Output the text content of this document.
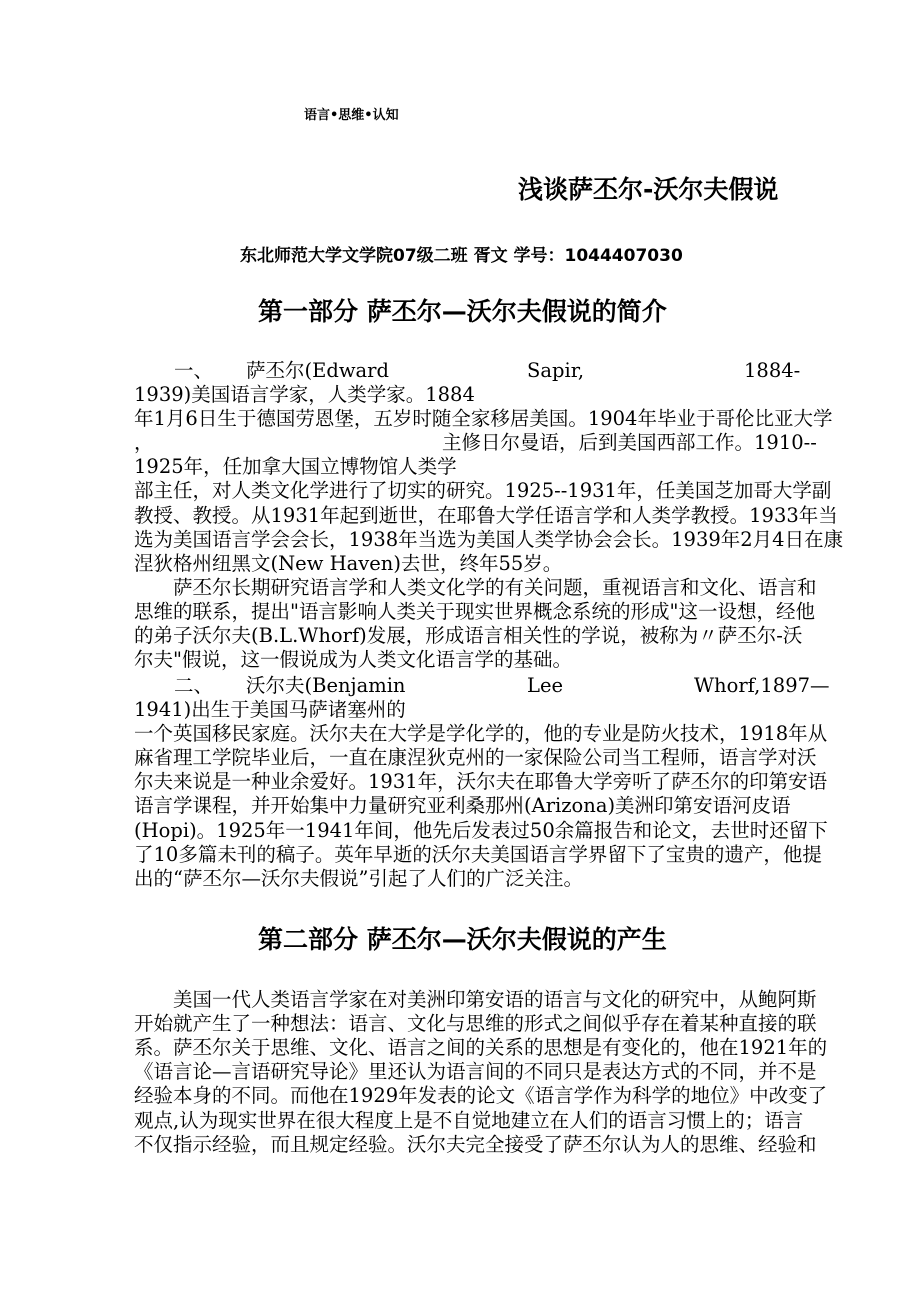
语言•思维•认知
浅谈萨丕尔-沃尔夫假说
东北师范大学文学院07级二班 胥文 学号：1044407030
第一部分 萨丕尔—沃尔夫假说的简介
一、 萨丕尔(Edward	Sapir,	1884-
1939)美国语言学家，人类学家。1884
年1月6日生于德国劳恩堡，五岁时随全家移居美国。1904年毕业于哥伦比亚大学
，	主修日尔曼语，后到美国西部工作。1910--
1925年，任加拿大国立博物馆人类学
部主任，对人类文化学进行了切实的研究。1925--1931年，任美国芝加哥大学副
教授、教授。从1931年起到逝世，在耶鲁大学任语言学和人类学教授。1933年当
选为美国语言学会会长，1938年当选为美国人类学协会会长。1939年2月4日在康
涅狄格州纽黑文(New Haven)去世，终年55岁。
　　萨丕尔长期研究语言学和人类文化学的有关问题，重视语言和文化、语言和
思维的联系，提出"语言影响人类关于现实世界概念系统的形成"这一设想，经他
的弟子沃尔夫(B.L.Whorf)发展，形成语言相关性的学说，被称为〃萨丕尔-沃
尔夫"假说，这一假说成为人类文化语言学的基础。
二、 沃尔夫(Benjamin	Lee	Whorf,1897—
1941)出生于美国马萨诸塞州的
一个英国移民家庭。沃尔夫在大学是学化学的，他的专业是防火技术，1918年从
麻省理工学院毕业后，一直在康涅狄克州的一家保险公司当工程师，语言学对沃
尔夫来说是一种业余爱好。1931年，沃尔夫在耶鲁大学旁听了萨丕尔的印第安语
语言学课程，并开始集中力量研究亚利桑那州(Arizona)美洲印第安语河皮语
(Hopi)。1925年一1941年间，他先后发表过50余篇报告和论文，去世时还留下
了10多篇未刊的稿子。英年早逝的沃尔夫美国语言学界留下了宝贵的遗产，他提
出的“萨丕尔—沃尔夫假说”引起了人们的广泛关注。
第二部分 萨丕尔—沃尔夫假说的产生
　　美国一代人类语言学家在对美洲印第安语的语言与文化的研究中，从鲍阿斯
开始就产生了一种想法：语言、文化与思维的形式之间似乎存在着某种直接的联
系。萨丕尔关于思维、文化、语言之间的关系的思想是有变化的，他在1921年的
《语言论—言语研究导论》里还认为语言间的不同只是表达方式的不同，并不是
经验本身的不同。而他在1929年发表的论文《语言学作为科学的地位》中改变了
观点,认为现实世界在很大程度上是不自觉地建立在人们的语言习惯上的；语言
不仅指示经验，而且规定经验。沃尔夫完全接受了萨丕尔认为人的思维、经验和
